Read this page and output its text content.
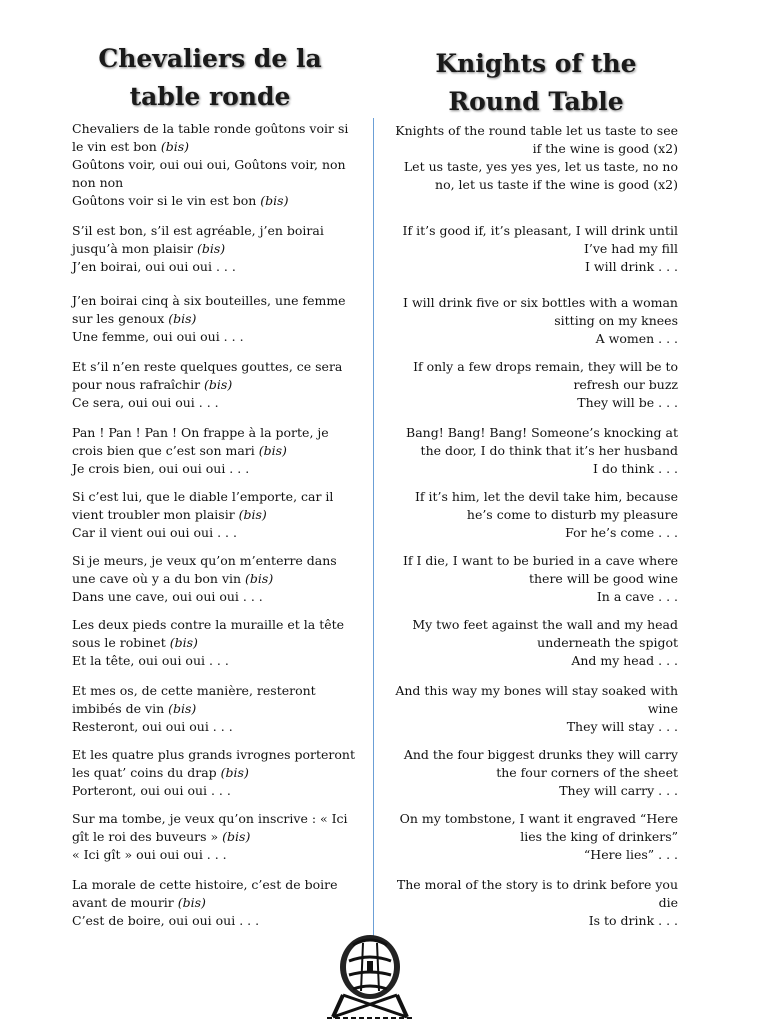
Chevaliers de la table ronde
Knights of the Round Table
Chevaliers de la table ronde goûtons voir si le vin est bon (bis)
Goûtons voir, oui oui oui, Goûtons voir, non non non
Goûtons voir si le vin est bon (bis)
S’il est bon, s’il est agréable, j’en boirai jusqu’à mon plaisir (bis)
J’en boirai, oui oui oui . . .
J’en boirai cinq à six bouteilles, une femme sur les genoux (bis)
Une femme, oui oui oui . . .
Et s’il n’en reste quelques gouttes, ce sera pour nous rafraîchir (bis)
Ce sera, oui oui oui . . .
Pan ! Pan ! Pan ! On frappe à la porte, je crois bien que c’est son mari (bis)
Je crois bien, oui oui oui . . .
Si c’est lui, que le diable l’emporte, car il vient troubler mon plaisir (bis)
Car il vient oui oui oui . . .
Si je meurs, je veux qu’on m’enterre dans une cave où y a du bon vin (bis)
Dans une cave, oui oui oui . . .
Les deux pieds contre la muraille et la tête sous le robinet (bis)
Et la tête, oui oui oui . . .
Et mes os, de cette manière, resteront imbibés de vin (bis)
Resteront, oui oui oui . . .
Et les quatre plus grands ivrognes porteront les quat’ coins du drap (bis)
Porteront, oui oui oui . . .
Sur ma tombe, je veux qu’on inscrive : « Ici gît le roi des buveurs » (bis)
« Ici gît » oui oui oui . . .
La morale de cette histoire, c’est de boire avant de mourir (bis)
C’est de boire, oui oui oui . . .
Knights of the round table let us taste to see if the wine is good (x2)
Let us taste, yes yes yes, let us taste, no no no, let us taste if the wine is good (x2)
If it’s good if, it’s pleasant, I will drink until I’ve had my fill
I will drink . . .
I will drink five or six bottles with a woman sitting on my knees
A women . . .
If only a few drops remain, they will be to refresh our buzz
They will be . . .
Bang! Bang! Bang! Someone’s knocking at the door, I do think that it’s her husband
I do think . . .
If it’s him, let the devil take him, because he’s come to disturb my pleasure
For he’s come . . .
If I die, I want to be buried in a cave where there will be good wine
In a cave . . .
My two feet against the wall and my head underneath the spigot
And my head . . .
And this way my bones will stay soaked with wine
They will stay . . .
And the four biggest drunks they will carry the four corners of the sheet
They will carry . . .
On my tombstone, I want it engraved “Here lies the king of drinkers”
“Here lies” . . .
The moral of the story is to drink before you die
Is to drink . . .
